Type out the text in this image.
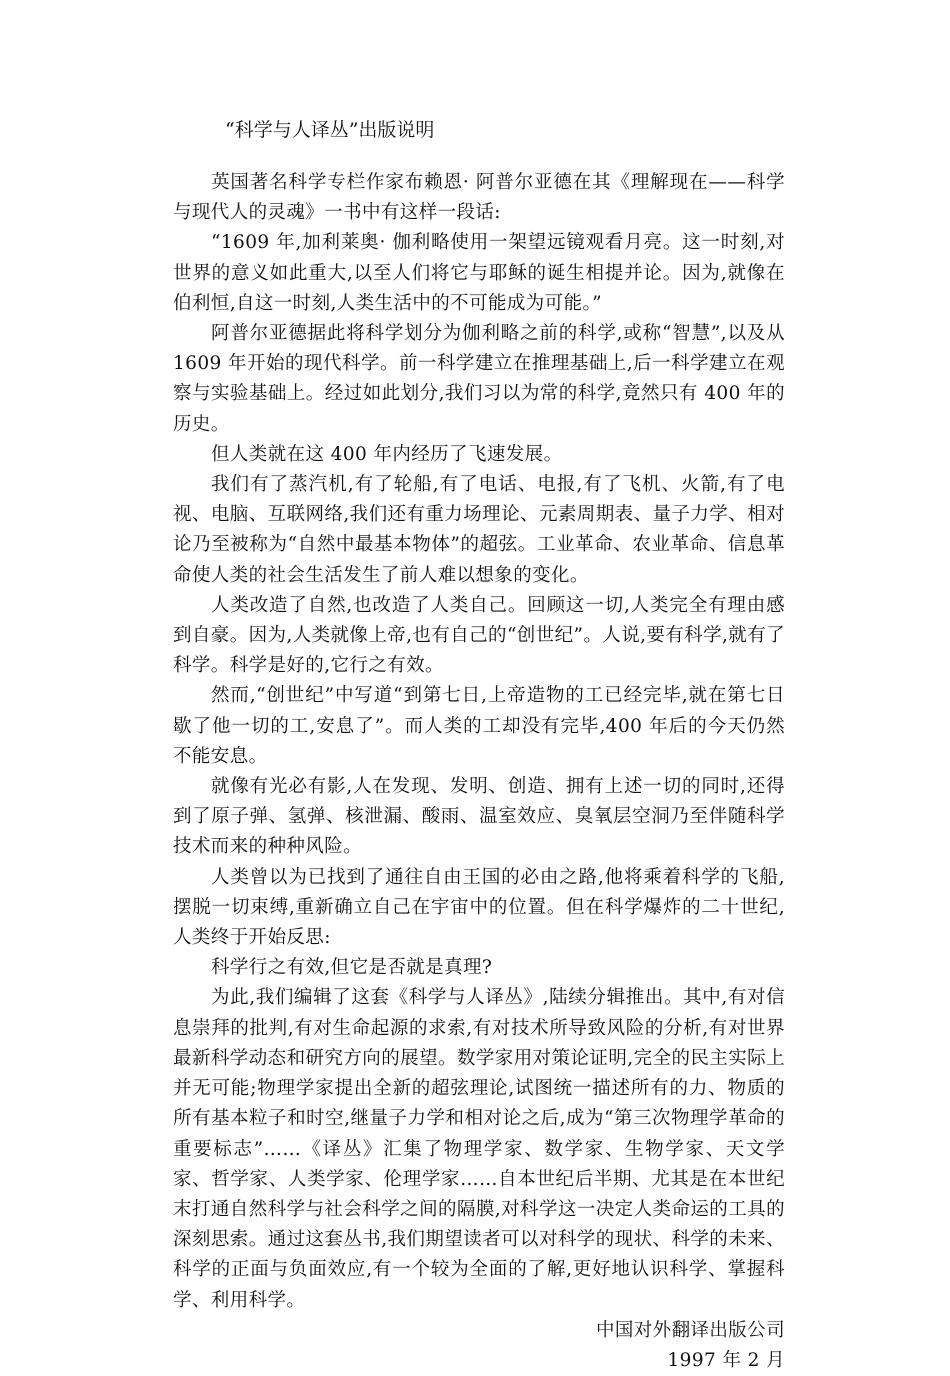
“科学与人译丛”出版说明

英国著名科学专栏作家布赖恩· 阿普尔亚德在其《理解现在——科学与现代人的灵魂》一书中有这样一段话:

“1609 年,加利莱奥· 伽利略使用一架望远镜观看月亮。这一时刻,对世界的意义如此重大,以至人们将它与耶稣的诞生相提并论。因为,就像在伯利恒,自这一时刻,人类生活中的不可能成为可能。”

阿普尔亚德据此将科学划分为伽利略之前的科学,或称“智慧”,以及从 1609 年开始的现代科学。前一科学建立在推理基础上,后一科学建立在观察与实验基础上。经过如此划分,我们习以为常的科学,竟然只有 400 年的历史。

但人类就在这 400 年内经历了飞速发展。

我们有了蒸汽机,有了轮船,有了电话、电报,有了飞机、火箭,有了电视、电脑、互联网络,我们还有重力场理论、元素周期表、量子力学、相对论乃至被称为“自然中最基本物体”的超弦。工业革命、农业革命、信息革命使人类的社会生活发生了前人难以想象的变化。

人类改造了自然,也改造了人类自己。回顾这一切,人类完全有理由感到自豪。因为,人类就像上帝,也有自己的“创世纪”。人说,要有科学,就有了科学。科学是好的,它行之有效。

然而,“创世纪”中写道“到第七日,上帝造物的工已经完毕,就在第七日歇了他一切的工,安息了”。而人类的工却没有完毕,400 年后的今天仍然不能安息。

就像有光必有影,人在发现、发明、创造、拥有上述一切的同时,还得到了原子弹、氢弹、核泄漏、酸雨、温室效应、臭氧层空洞乃至伴随科学技术而来的种种风险。

人类曾以为已找到了通往自由王国的必由之路,他将乘着科学的飞船,摆脱一切束缚,重新确立自己在宇宙中的位置。但在科学爆炸的二十世纪,人类终于开始反思:

科学行之有效,但它是否就是真理?

为此,我们编辑了这套《科学与人译丛》,陆续分辑推出。其中,有对信息崇拜的批判,有对生命起源的求索,有对技术所导致风险的分析,有对世界最新科学动态和研究方向的展望。数学家用对策论证明,完全的民主实际上并无可能;物理学家提出全新的超弦理论,试图统一描述所有的力、物质的所有基本粒子和时空,继量子力学和相对论之后,成为“第三次物理学革命的重要标志”……《译丛》汇集了物理学家、数学家、生物学家、天文学家、哲学家、人类学家、伦理学家……自本世纪后半期、尤其是在本世纪末打通自然科学与社会科学之间的隔膜,对科学这一决定人类命运的工具的深刻思索。通过这套丛书,我们期望读者可以对科学的现状、科学的未来、科学的正面与负面效应,有一个较为全面的了解,更好地认识科学、掌握科学、利用科学。

中国对外翻译出版公司
1997 年 2 月
